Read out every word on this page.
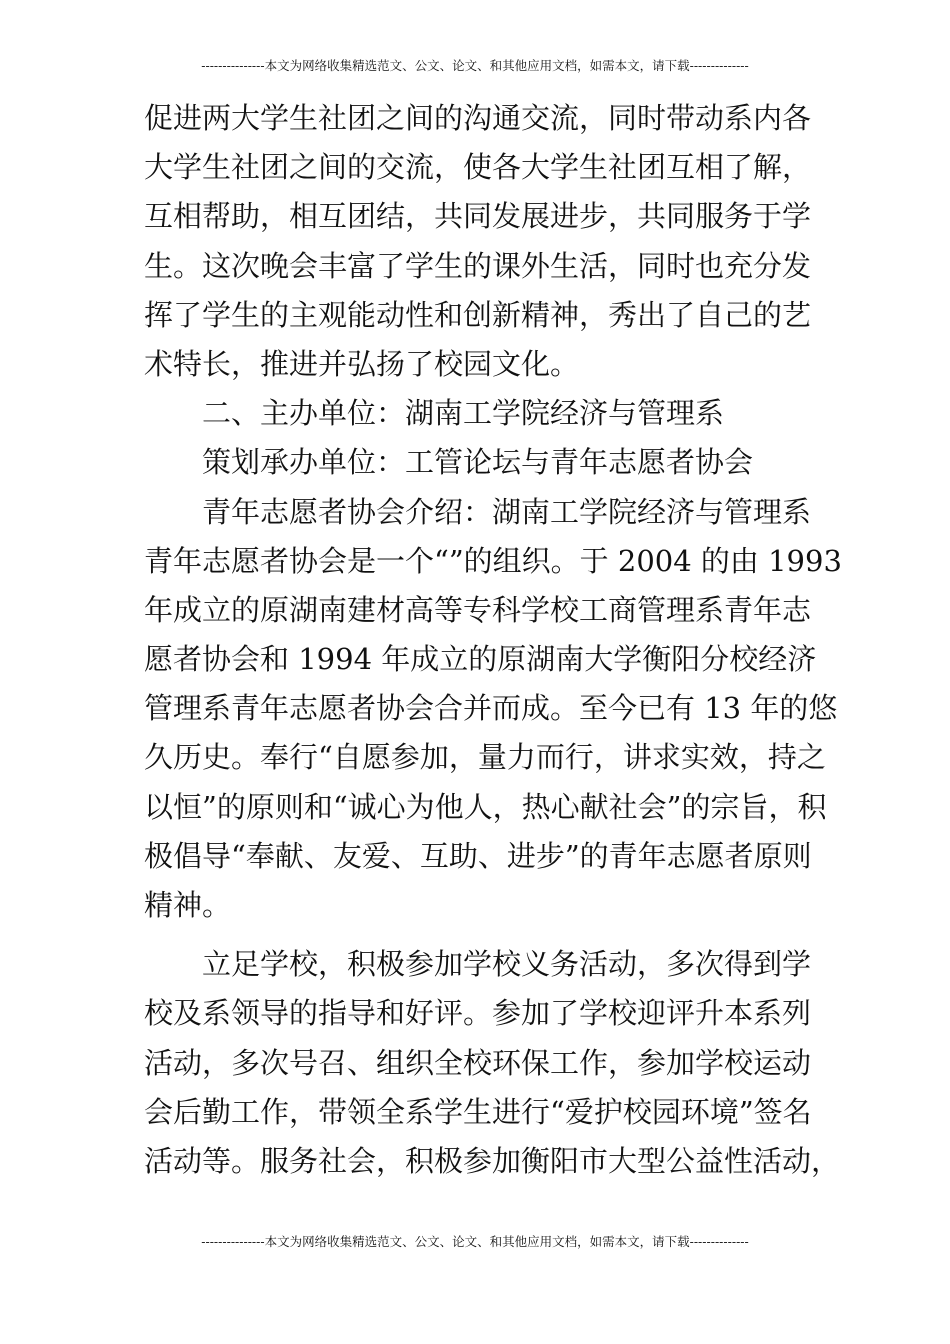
---------------本文为网络收集精选范文、公文、论文、和其他应用文档，如需本文，请下载--------------
促进两大学生社团之间的沟通交流，同时带动系内各
大学生社团之间的交流，使各大学生社团互相了解，
互相帮助，相互团结，共同发展进步，共同服务于学
生。这次晚会丰富了学生的课外生活，同时也充分发
挥了学生的主观能动性和创新精神，秀出了自己的艺
术特长，推进并弘扬了校园文化。
二、主办单位：湖南工学院经济与管理系
策划承办单位：工管论坛与青年志愿者协会
青年志愿者协会介绍：湖南工学院经济与管理系
青年志愿者协会是一个“”的组织。于 2004 的由 1993
年成立的原湖南建材高等专科学校工商管理系青年志
愿者协会和 1994 年成立的原湖南大学衡阳分校经济
管理系青年志愿者协会合并而成。至今已有 13 年的悠
久历史。奉行“自愿参加，量力而行，讲求实效，持之
以恒”的原则和“诚心为他人，热心献社会”的宗旨，积
极倡导“奉献、友爱、互助、进步”的青年志愿者原则
精神。
立足学校，积极参加学校义务活动，多次得到学
校及系领导的指导和好评。参加了学校迎评升本系列
活动，多次号召、组织全校环保工作，参加学校运动
会后勤工作，带领全系学生进行“爱护校园环境”签名
活动等。服务社会，积极参加衡阳市大型公益性活动，
---------------本文为网络收集精选范文、公文、论文、和其他应用文档，如需本文，请下载--------------
